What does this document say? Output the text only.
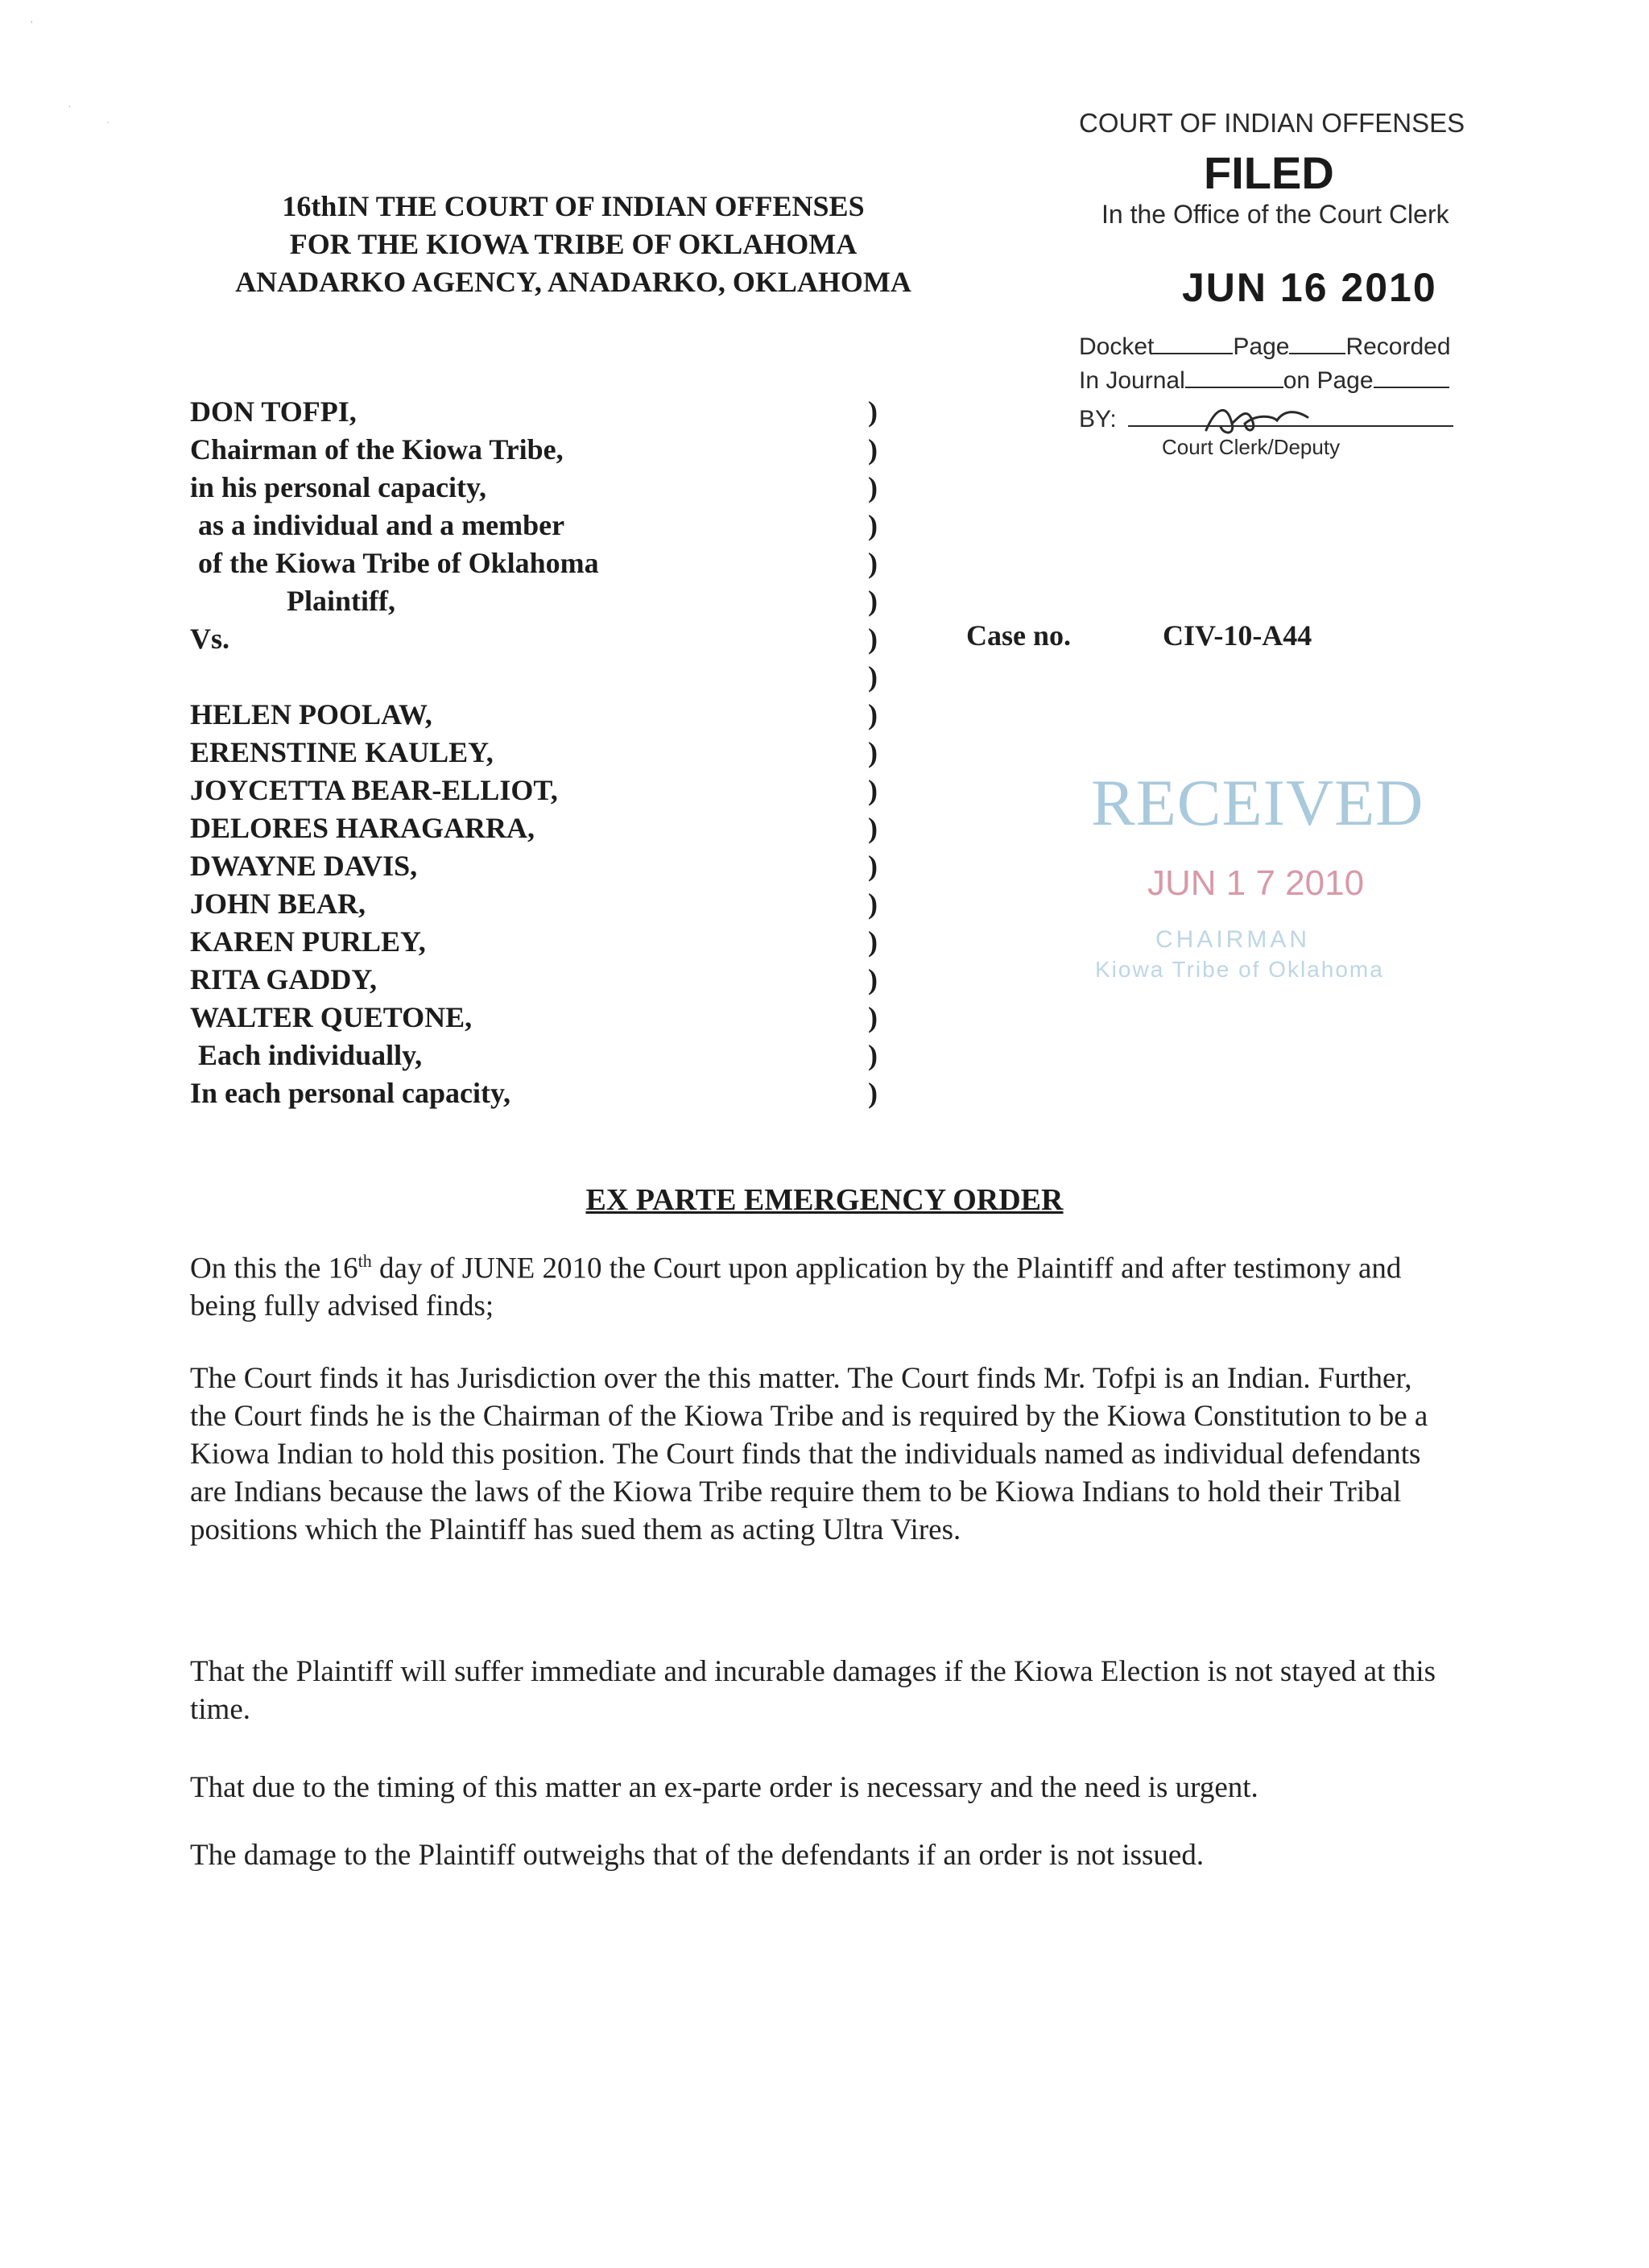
'
·
·
16thIN THE COURT OF INDIAN OFFENSES
FOR THE KIOWA TRIBE OF OKLAHOMA
ANADARKO AGENCY, ANADARKO, OKLAHOMA
COURT OF INDIAN OFFENSES
FILED
In the Office of the Court Clerk
JUN 16 2010
Docket	Page Recorded
In Journal	on Page
BY:
Court Clerk/Deputy
DON TOFPI,
Chairman of the Kiowa Tribe,
in his personal capacity,
as a individual and a member
of the Kiowa Tribe of Oklahoma
Plaintiff,
Vs.
HELEN POOLAW,
ERENSTINE KAULEY,
JOYCETTA BEAR-ELLIOT,
DELORES HARAGARRA,
DWAYNE DAVIS,
JOHN BEAR,
KAREN PURLEY,
RITA GADDY,
WALTER QUETONE,
Each individually,
In each personal capacity,
)
)
)
)
)
)
)
)
)
)
)
)
)
)
)
)
)
)
)
Case no.	CIV-10-A44
RECEIVED
JUN 1 7 2010
CHAIRMAN
Kiowa Tribe of Oklahoma
EX PARTE EMERGENCY ORDER
On this the 16th day of JUNE 2010 the Court upon application by the Plaintiff and after testimony and being fully advised finds;
The Court finds it has Jurisdiction over the this matter. The Court finds Mr. Tofpi is an Indian. Further, the Court finds he is the Chairman of the Kiowa Tribe and is required by the Kiowa Constitution to be a Kiowa Indian to hold this position. The Court finds that the individuals named as individual defendants are Indians because the laws of the Kiowa Tribe require them to be Kiowa Indians to hold their Tribal positions which the Plaintiff has sued them as acting Ultra Vires.
That the Plaintiff will suffer immediate and incurable damages if the Kiowa Election is not stayed at this time.
That due to the timing of this matter an ex-parte order is necessary and the need is urgent.
The damage to the Plaintiff outweighs that of the defendants if an order is not issued.
